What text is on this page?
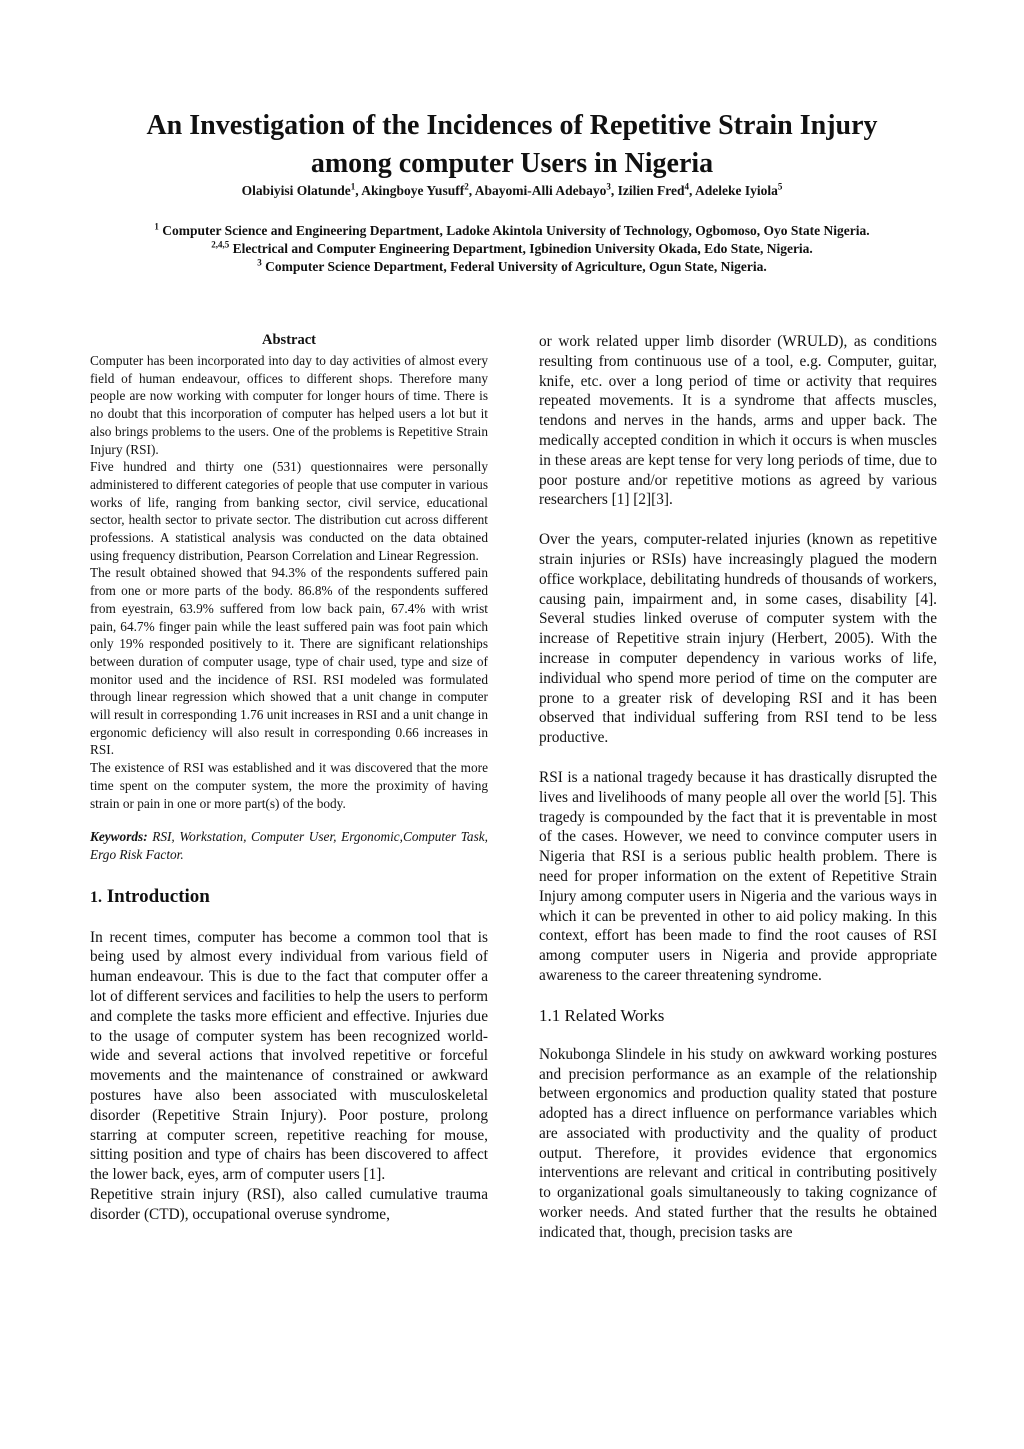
An Investigation of the Incidences of Repetitive Strain Injury
among computer Users in Nigeria
Olabiyisi Olatunde$^1$, Akingboye Yusuff$^2$, Abayomi-Alli Adebayo$^3$, Izilien Fred$^4$, Adeleke Iyiola$^5$
$^1$ Computer Science and Engineering Department, Ladoke Akintola University of Technology, Ogbomoso, Oyo State Nigeria.
$^{2,4,5}$ Electrical and Computer Engineering Department, Igbinedion University Okada, Edo State, Nigeria.
$^3$ Computer Science Department, Federal University of Agriculture, Ogun State, Nigeria.
Abstract

Computer has been incorporated into day to day activities of almost every field of human endeavour, offices to different shops. Therefore many people are now working with computer for longer hours of time. There is no doubt that this incorporation of computer has helped users a lot but it also brings problems to the users. One of the problems is Repetitive Strain Injury (RSI).

Five hundred and thirty one (531) questionnaires were personally administered to different categories of people that use computer in various works of life, ranging from banking sector, civil service, educational sector, health sector to private sector. The distribution cut across different professions. A statistical analysis was conducted on the data obtained using frequency distribution, Pearson Correlation and Linear Regression.

The result obtained showed that 94.3% of the respondents suffered pain from one or more parts of the body. 86.8% of the respondents suffered from eyestrain, 63.9% suffered from low back pain, 67.4% with wrist pain, 64.7% finger pain while the least suffered pain was foot pain which only 19% responded positively to it. There are significant relationships between duration of computer usage, type of chair used, type and size of monitor used and the incidence of RSI. RSI modeled was formulated through linear regression which showed that a unit change in computer will result in corresponding 1.76 unit increases in RSI and a unit change in ergonomic deficiency will also result in corresponding 0.66 increases in RSI.

The existence of RSI was established and it was discovered that the more time spent on the computer system, the more the proximity of having strain or pain in one or more part(s) of the body.

Keywords: RSI, Workstation, Computer User, Ergonomic,Computer Task, Ergo Risk Factor.

1. Introduction

In recent times, computer has become a common tool that is being used by almost every individual from various field of human endeavour. This is due to the fact that computer offer a lot of different services and facilities to help the users to perform and complete the tasks more efficient and effective. Injuries due to the usage of computer system has been recognized world-wide and several actions that involved repetitive or forceful movements and the maintenance of constrained or awkward postures have also been associated with musculoskeletal disorder (Repetitive Strain Injury). Poor posture, prolong starring at computer screen, repetitive reaching for mouse, sitting position and type of chairs has been discovered to affect the lower back, eyes, arm of computer users [1].

Repetitive strain injury (RSI), also called cumulative trauma disorder (CTD), occupational overuse syndrome,

or work related upper limb disorder (WRULD), as conditions resulting from continuous use of a tool, e.g. Computer, guitar, knife, etc. over a long period of time or activity that requires repeated movements. It is a syndrome that affects muscles, tendons and nerves in the hands, arms and upper back. The medically accepted condition in which it occurs is when muscles in these areas are kept tense for very long periods of time, due to poor posture and/or repetitive motions as agreed by various researchers [1] [2][3].

Over the years, computer-related injuries (known as repetitive strain injuries or RSIs) have increasingly plagued the modern office workplace, debilitating hundreds of thousands of workers, causing pain, impairment and, in some cases, disability [4]. Several studies linked overuse of computer system with the increase of Repetitive strain injury (Herbert, 2005). With the increase in computer dependency in various works of life, individual who spend more period of time on the computer are prone to a greater risk of developing RSI and it has been observed that individual suffering from RSI tend to be less productive.

RSI is a national tragedy because it has drastically disrupted the lives and livelihoods of many people all over the world [5]. This tragedy is compounded by the fact that it is preventable in most of the cases. However, we need to convince computer users in Nigeria that RSI is a serious public health problem. There is need for proper information on the extent of Repetitive Strain Injury among computer users in Nigeria and the various ways in which it can be prevented in other to aid policy making. In this context, effort has been made to find the root causes of RSI among computer users in Nigeria and provide appropriate awareness to the career threatening syndrome.

1.1 Related Works

Nokubonga Slindele in his study on awkward working postures and precision performance as an example of the relationship between ergonomics and production quality stated that posture adopted has a direct influence on performance variables which are associated with productivity and the quality of product output. Therefore, it provides evidence that ergonomics interventions are relevant and critical in contributing positively to organizational goals simultaneously to taking cognizance of worker needs. And stated further that the results he obtained indicated that, though, precision tasks are
